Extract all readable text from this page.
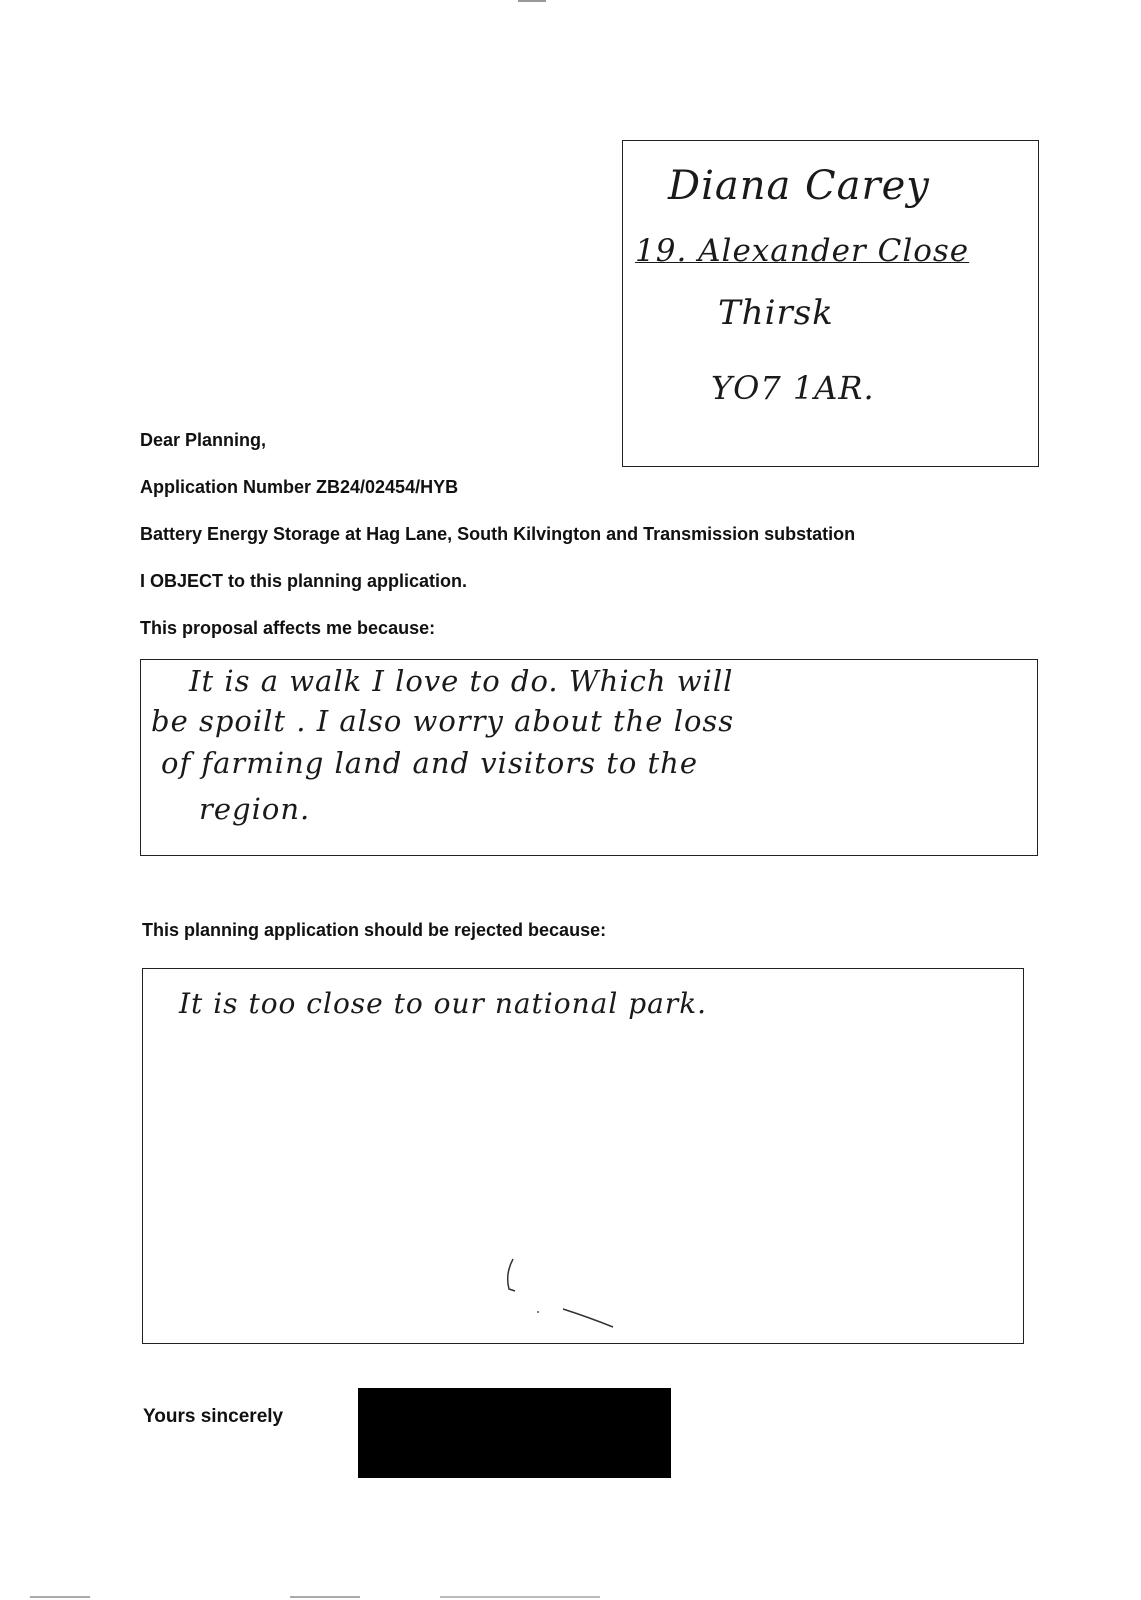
Diana Carey
19. Alexander Close
Thirsk
YO7 1AR.
Dear Planning,
Application Number ZB24/02454/HYB
Battery Energy Storage at Hag Lane, South Kilvington and Transmission substation
I OBJECT to this planning application.
This proposal affects me because:
It is a walk I love to do. Which will
be spoilt . I also worry about the loss
of farming land and visitors to the
region.
This planning application should be rejected because:
It is too close to our national park.
Yours sincerely
